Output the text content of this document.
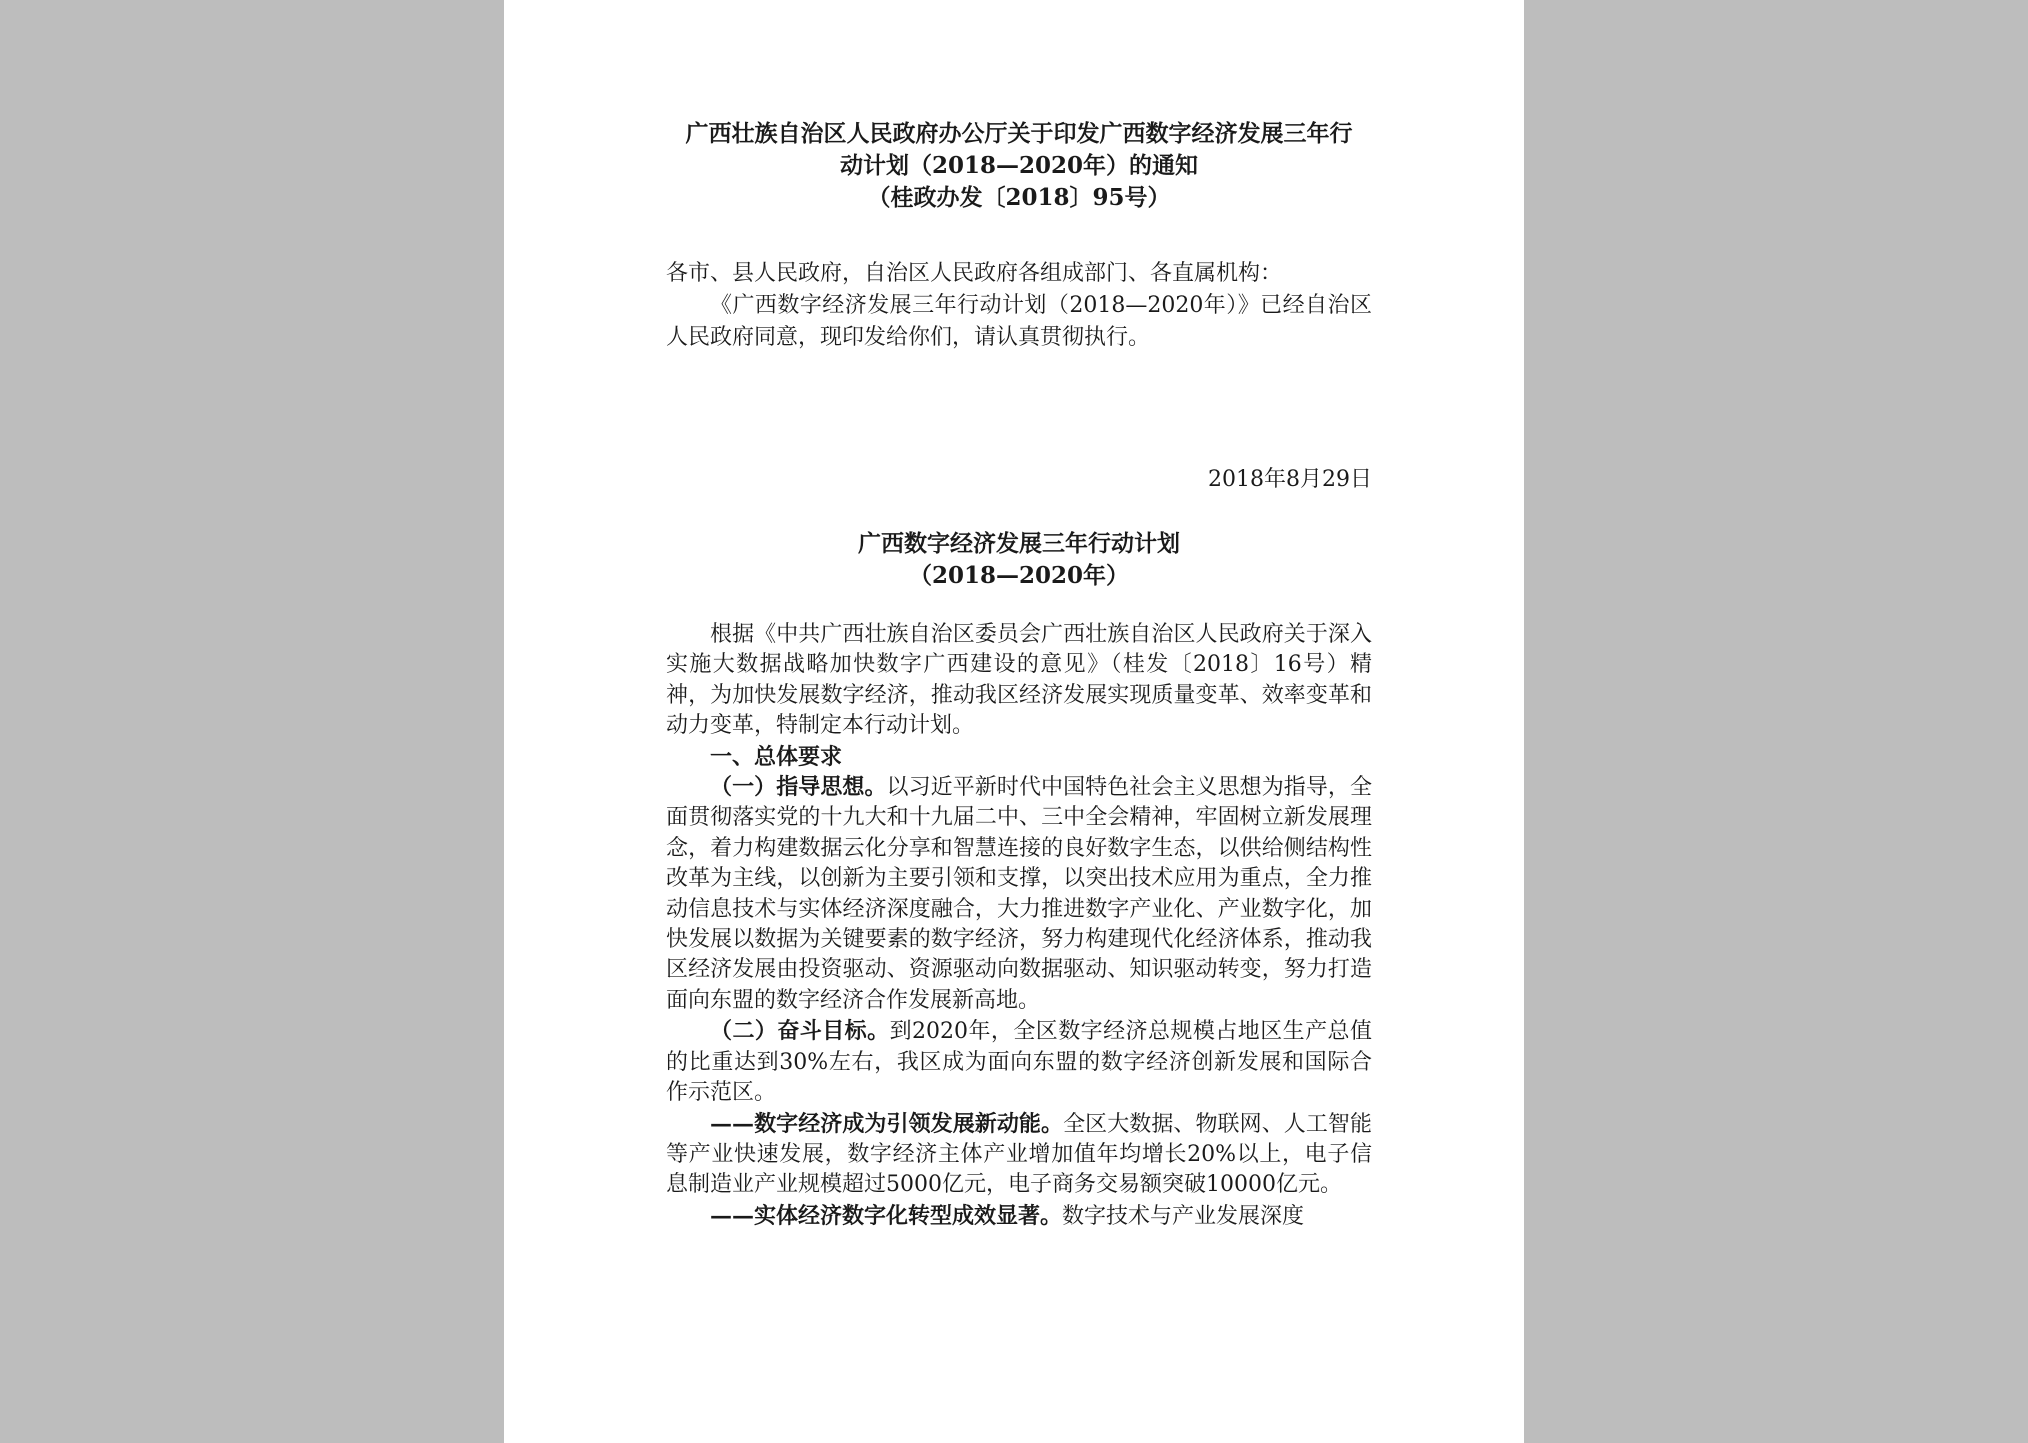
广西壮族自治区人民政府办公厅关于印发广西数字经济发展三年行
动计划（2018—2020年）的通知
（桂政办发〔2018〕95号）
各市、县人民政府，自治区人民政府各组成部门、各直属机构：

《广西数字经济发展三年行动计划（2018—2020年）》已经自治区人民政府同意，现印发给你们，请认真贯彻执行。

2018年8月29日
广西数字经济发展三年行动计划
（2018—2020年）

根据《中共广西壮族自治区委员会广西壮族自治区人民政府关于深入实施大数据战略加快数字广西建设的意见》（桂发〔2018〕16号）精神，为加快发展数字经济，推动我区经济发展实现质量变革、效率变革和动力变革，特制定本行动计划。

一、总体要求

（一）指导思想。以习近平新时代中国特色社会主义思想为指导，全面贯彻落实党的十九大和十九届二中、三中全会精神，牢固树立新发展理念，着力构建数据云化分享和智慧连接的良好数字生态，以供给侧结构性改革为主线，以创新为主要引领和支撑，以突出技术应用为重点，全力推动信息技术与实体经济深度融合，大力推进数字产业化、产业数字化，加快发展以数据为关键要素的数字经济，努力构建现代化经济体系，推动我区经济发展由投资驱动、资源驱动向数据驱动、知识驱动转变，努力打造面向东盟的数字经济合作发展新高地。

（二）奋斗目标。到2020年，全区数字经济总规模占地区生产总值的比重达到30%左右，我区成为面向东盟的数字经济创新发展和国际合作示范区。

——数字经济成为引领发展新动能。全区大数据、物联网、人工智能等产业快速发展，数字经济主体产业增加值年均增长20%以上，电子信息制造业产业规模超过5000亿元，电子商务交易额突破10000亿元。

——实体经济数字化转型成效显著。数字技术与产业发展深度
